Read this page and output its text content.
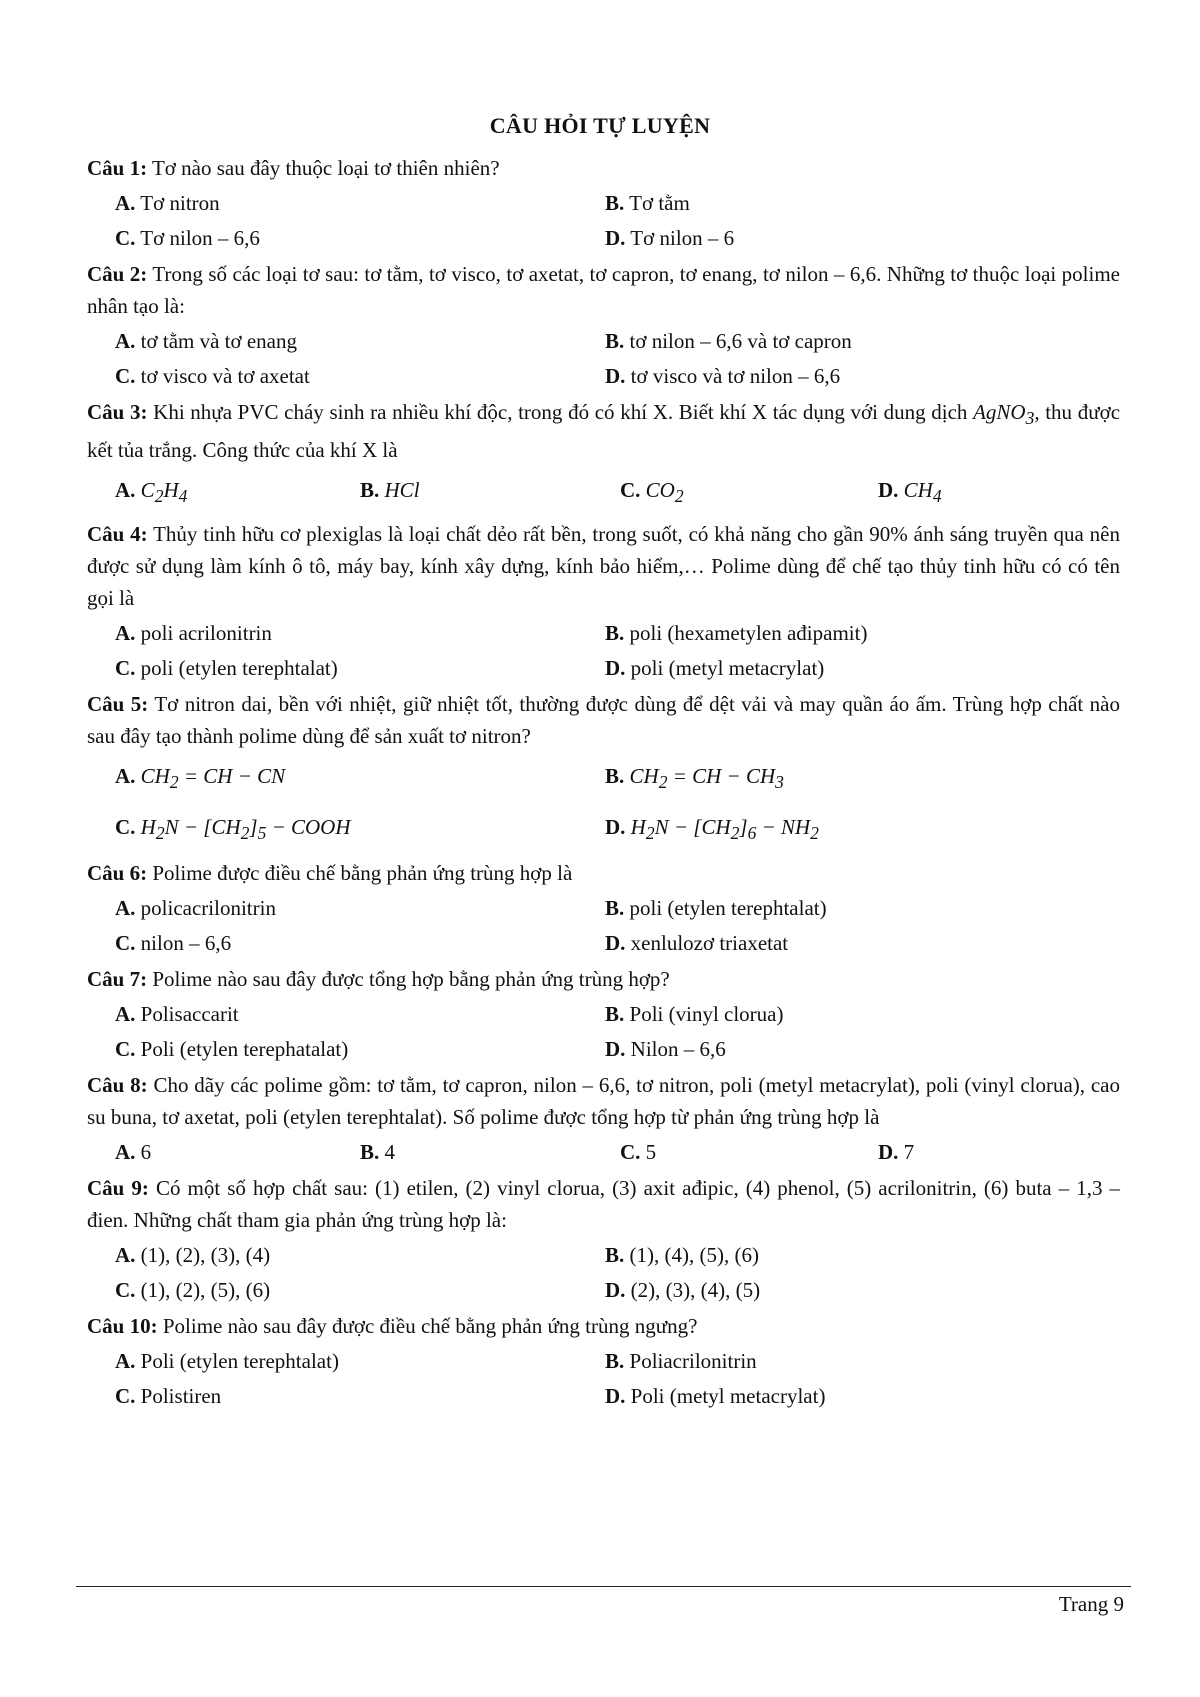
CÂU HỎI TỰ LUYỆN

Câu 1: Tơ nào sau đây thuộc loại tơ thiên nhiên?

A. Tơ nitron	B. Tơ tằm
C. Tơ nilon – 6,6	D. Tơ nilon – 6

Câu 2: Trong số các loại tơ sau: tơ tằm, tơ visco, tơ axetat, tơ capron, tơ enang, tơ nilon – 6,6. Những tơ thuộc loại polime nhân tạo là:

A. tơ tằm và tơ enang	B. tơ nilon – 6,6 và tơ capron
C. tơ visco và tơ axetat	D. tơ visco và tơ nilon – 6,6

Câu 3: Khi nhựa PVC cháy sinh ra nhiều khí độc, trong đó có khí X. Biết khí X tác dụng với dung dịch AgNO$_3$, thu được kết tủa trắng. Công thức của khí X là

A. $C_2H_4$	B. HCl	C. $CO_2$	D. $CH_4$

Câu 4: Thủy tinh hữu cơ plexiglas là loại chất dẻo rất bền, trong suốt, có khả năng cho gần 90% ánh sáng truyền qua nên được sử dụng làm kính ô tô, máy bay, kính xây dựng, kính bảo hiểm,… Polime dùng để chế tạo thủy tinh hữu có có tên gọi là

A. poli acrilonitrin	B. poli (hexametylen ađipamit)
C. poli (etylen terephtalat)	D. poli (metyl metacrylat)

Câu 5: Tơ nitron dai, bền với nhiệt, giữ nhiệt tốt, thường được dùng để dệt vải và may quần áo ấm. Trùng hợp chất nào sau đây tạo thành polime dùng để sản xuất tơ nitron?

A. $CH_2$ = CH − CN	B. $CH_2$ = CH − $CH_3$
C. $H_2N - [CH_2]_5$ − COOH	D. $H_2N - [CH_2]_6 - NH_2$

Câu 6: Polime được điều chế bằng phản ứng trùng hợp là

A. policacrilonitrin	B. poli (etylen terephtalat)
C. nilon – 6,6	D. xenlulozơ triaxetat

Câu 7: Polime nào sau đây được tổng hợp bằng phản ứng trùng hợp?

A. Polisaccarit	B. Poli (vinyl clorua)
C. Poli (etylen terephatalat)	D. Nilon – 6,6

Câu 8: Cho dãy các polime gồm: tơ tằm, tơ capron, nilon – 6,6, tơ nitron, poli (metyl metacrylat), poli (vinyl clorua), cao su buna, tơ axetat, poli (etylen terephtalat). Số polime được tổng hợp từ phản ứng trùng hợp là

A. 6	B. 4	C. 5	D. 7

Câu 9: Có một số hợp chất sau: (1) etilen, (2) vinyl clorua, (3) axit ađipic, (4) phenol, (5) acrilonitrin, (6) buta – 1,3 – đien. Những chất tham gia phản ứng trùng hợp là:

A. (1), (2), (3), (4)	B. (1), (4), (5), (6)
C. (1), (2), (5), (6)	D. (2), (3), (4), (5)

Câu 10: Polime nào sau đây được điều chế bằng phản ứng trùng ngưng?

A. Poli (etylen terephtalat)	B. Poliacrilonitrin
C. Polistiren	D. Poli (metyl metacrylat)
Trang 9
